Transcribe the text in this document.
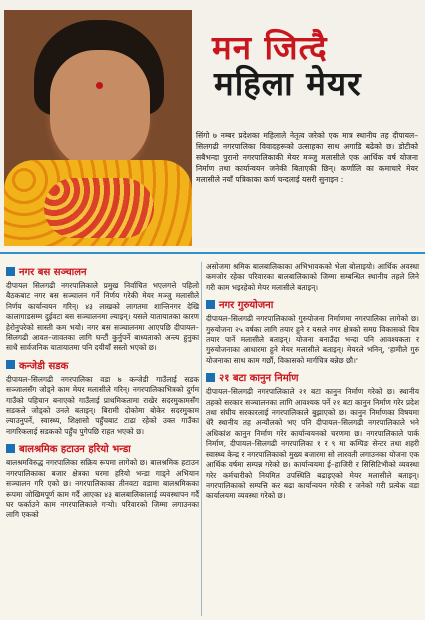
मन जित्दै
महिला मेयर
सिंगो ७ नम्बर प्रदेशका महिलाले नेतृत्व जरेको एक मात्र स्थानीय तह दीपायल–सिलगढी नगरपालिका विवादहरूको उत्साहका साथ अगाडि बढेको छ। डोटीको सबैभन्दा पुरानो नगरपालिकाकी मेयर मञ्जु मलासीले एक आर्थिक वर्ष योजना निर्माण तथा कार्यान्वयन जनेकी बिताएकी छिन्। कर्णालि का कमाचारे मेयर मलासीले नयाँ पत्रिकाका कर्ण चन्दलाई यसरी सुनाइन :
नगर बस सञ्चालन

दीपायल सिलगढी नगरपालिकाले प्रमुख निर्वाचित भएलगत्ते पहिलो बैठकबाट नगर बस सञ्चालन गर्ने निर्णय गरेकी मेयर मञ्जु मलासीले निर्णय कार्यान्वयन गरिन्। ४३ लाखको लागतमा शान्तिनगर देखि कालागाडसम्म दुईवटा बस सञ्चालनमा ल्याइन्। यसले यातायातका कारण हेरोनुपरेको सास्ती कम भयो। नगर बस सञ्चालनमा आएपछि दीपायल–सिलगढी आवत–जावतका लागि घन्टौं कुर्नुपर्ने बाध्यताको अन्त्य हुनुका साथै सार्वजनिक यातायातमा पनि दयीयाँ सस्तो भएको छ।

कन्जेडी सडक

दीपायल–सिलगढी नगरपालिका वडा ७ कन्जेडी गाउँलाई सडक सञ्जालसँग जोड्ने काम मेयर मलासीले गरिन्। नगरपालिकाभित्रको दुर्गम गाउँको पहिचान बनाएको गाउँलाई प्राथमिकतामा राखेर सदरमुकामसँग सडकले जोड्को उनले बताइन्। बिरामी दोकोमा बोकेर सदरमुकाम ल्याउनुपर्ने, स्वास्थ्य, शिक्षासो पहुँचबाट टाढा रहेको उक्त गाउँका नागरिकलाई सडकको पहुँच पुगेपछि राहत भएको छ।

बालश्रमिक हटाउन हरियो भन्डा

बालश्रमविरुद्ध नगरपालिका सक्रिय रूपमा लागेको छ। बालश्रमिक हटाउन नगरपालिकाका बजार क्षेत्रका घरमा हरियो भन्डा गाड्ने अभियान सञ्चालन गरि एको छ। नगरपालिकाका तीनवटा वडामा बालश्रमिकका रूपमा जोखिमपूर्ण काम गर्दै आएका ४३ बालबालिकालाई व्यवस्थापन गर्दै घर फर्काउने काम नगरपालिकाले गऱ्यो। परिवारको जिम्मा लगाउनका लागि एकको

असोजमा श्रमिक बालबालिकाका अभिभावकको भेला बोलाइयो। आर्थिक अवस्था कमजोर रहेका परिवारका बालबालिकाको जिम्मा सम्बन्धित स्थानीय तहले लिने गरी काम भइरहेको मेयर मलासीले बताइन्।

नगर गुरुयोजना

दीपायल–सिलगढी नगरपालिकाको गुरुयोजना निर्माणमा नगरपालिका लागेको छ। गुरुयोजना २५ वर्षका लागि तयार हुने र यसले नगर क्षेत्रको समग्र विकासको चित्र तयार पार्ने मलासीले बताइन्। योजना बनाउँदा भन्दा पनि आवश्यकता र गुरुयोजनाका आधारमा हुने मेयर मलासीले बताइन्। मेयरले भनिन्, 'हामीले गुरु योजनाका साथ काम गर्छौ, विकासको मार्गचित्र बन्नेछ छौ।'

२१ बटा कानुन निर्माण

दीपायल–सिलगढी नगरपालिकाले २१ बटा कानुन निर्माण गरेको छ। स्थानीय तहको सरकार सञ्चालनका लागि आवश्यक पर्ने २१ बटा कानुन निर्माण गरेर प्रदेश तथा संघीय सरकारलाई नगरपालिकाले बुझाएको छ। कानुन निर्माणका विषयमा धेरै स्थानीय तह अन्यौलको भए पनि दीपायल–सिलगढी नगरपालिकाले भने अधिकांश कानुन निर्माण गरेर कार्यान्वयनको चरणमा छ। नगरपालिकाले पार्क निर्माण, दीपायल–सिलगढी नगरपालिका १ र ९ मा कम्पिङ सेन्टर तथा शहरी स्वास्थ्य केन्द्र र नगरपालिकाको मुख्य बजारमा सो लारवती लगाउनका योजना एक आर्थिक वर्षमा सम्पन्न गरेको छ। कार्यान्वयमा ई–हाजिरी र सिसिटिभीको व्यवस्था गरेर कर्मचारीको नियमित उपस्थिति बढाइएको मेयर मलासीले बताइन्। नगरपालिकाको सम्पत्ति कर बढा कार्यान्वयन गरेकी र जनेको गरी प्रत्येक वडा कार्यालयमा व्यवस्था गरेको छ।
